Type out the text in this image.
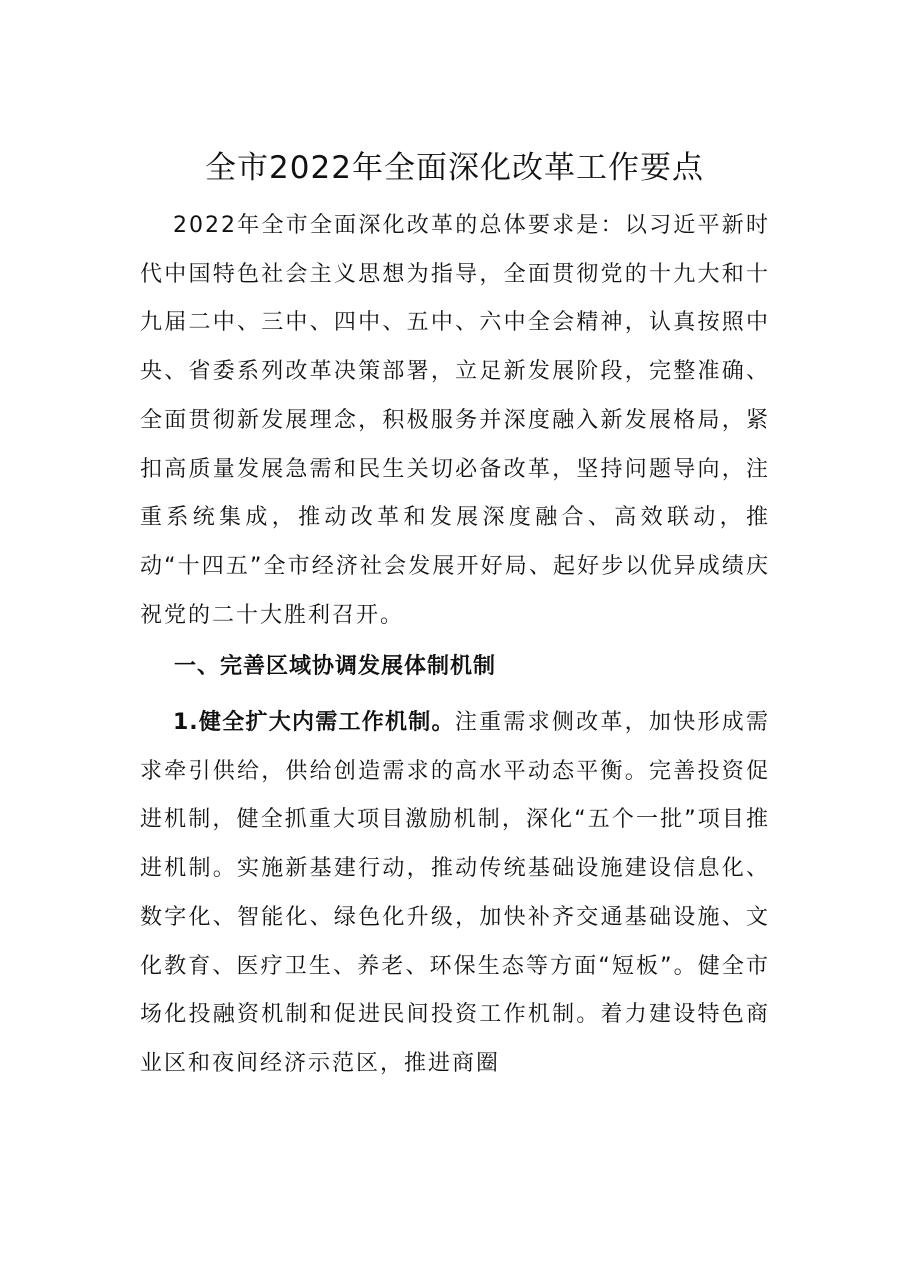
全市2022年全面深化改革工作要点

2022年全市全面深化改革的总体要求是：以习近平新时代中国特色社会主义思想为指导，全面贯彻党的十九大和十九届二中、三中、四中、五中、六中全会精神，认真按照中央、省委系列改革决策部署，立足新发展阶段，完整准确、全面贯彻新发展理念，积极服务并深度融入新发展格局，紧扣高质量发展急需和民生关切必备改革，坚持问题导向，注重系统集成，推动改革和发展深度融合、高效联动，推动“十四五”全市经济社会发展开好局、起好步以优异成绩庆祝党的二十大胜利召开。

一、完善区域协调发展体制机制

1.健全扩大内需工作机制。注重需求侧改革，加快形成需求牵引供给，供给创造需求的高水平动态平衡。完善投资促进机制，健全抓重大项目激励机制，深化“五个一批”项目推进机制。实施新基建行动，推动传统基础设施建设信息化、数字化、智能化、绿色化升级，加快补齐交通基础设施、文化教育、医疗卫生、养老、环保生态等方面“短板”。健全市场化投融资机制和促进民间投资工作机制。着力建设特色商业区和夜间经济示范区，推进商圈
